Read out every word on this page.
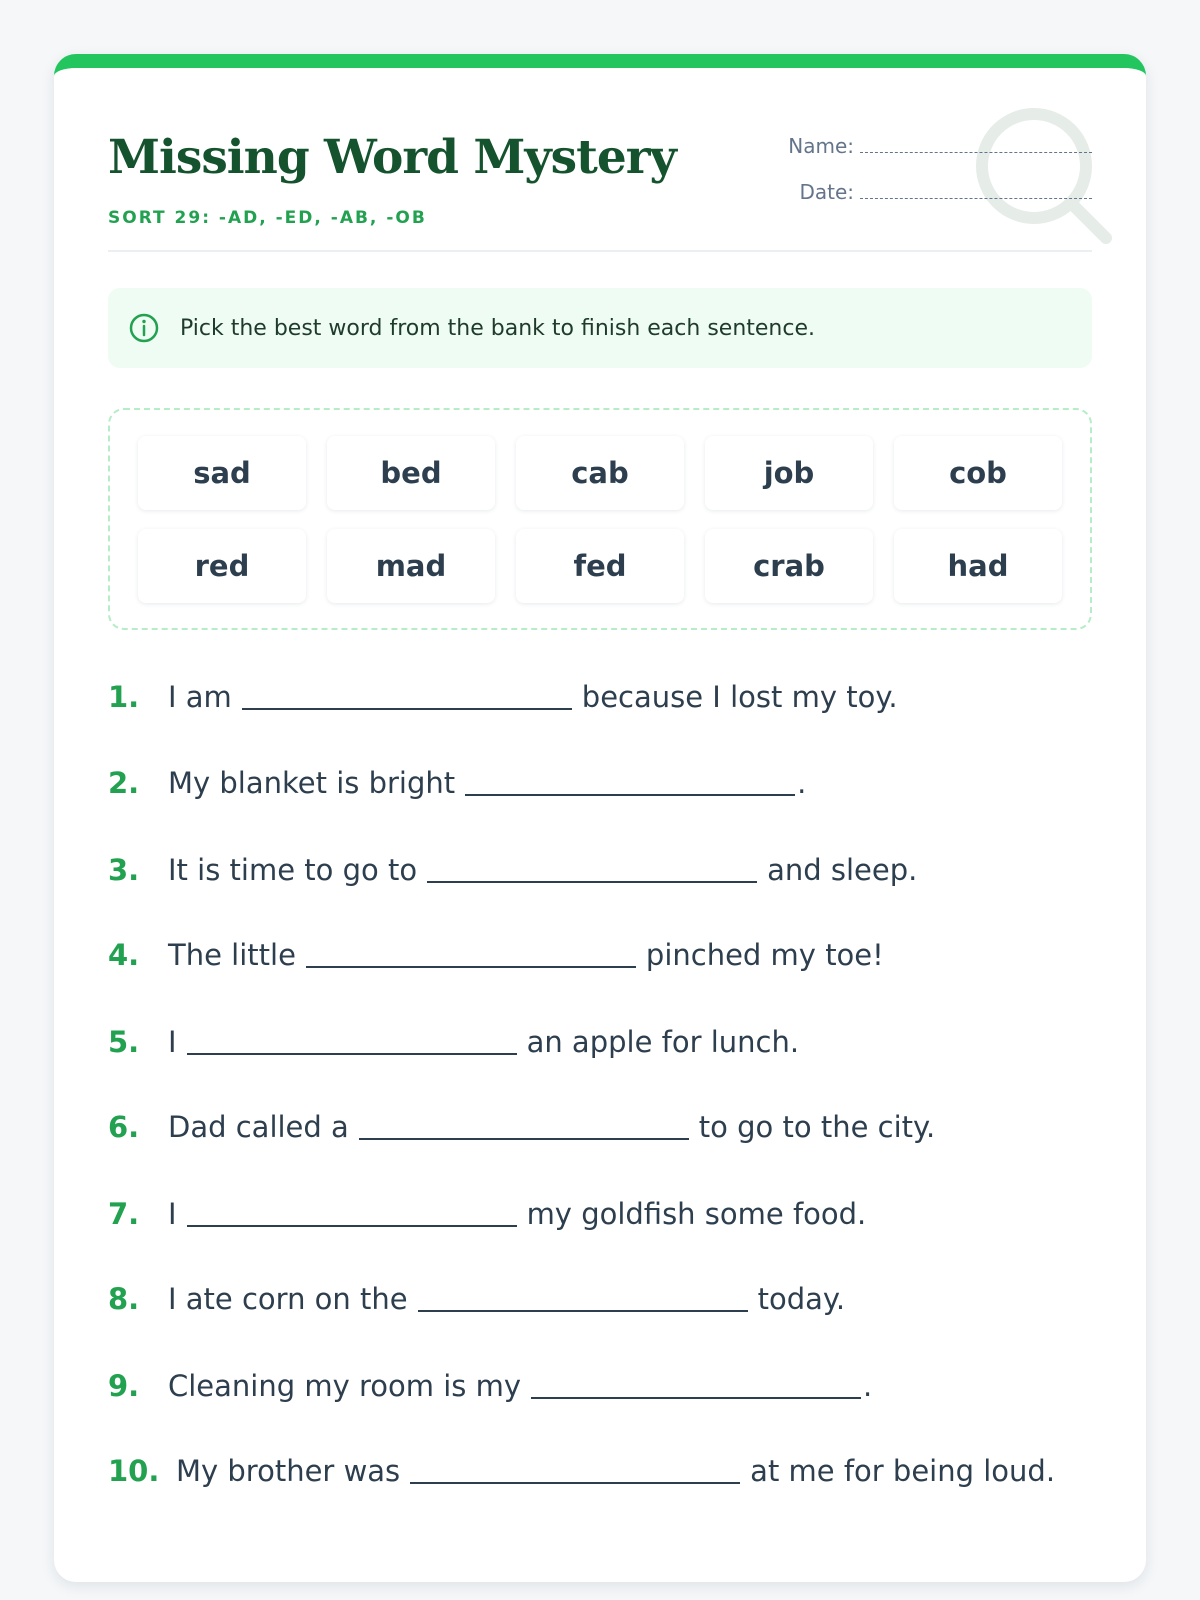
Missing Word Mystery
SORT 29: -AD, -ED, -AB, -OB
Name:
Date:
Pick the best word from the bank to finish each sentence.
sad	bed	cab	job	cob
red	mad	fed	crab	had
1. I am	because I lost my toy.
2. My blanket is bright	.
3. It is time to go to	and sleep.
4. The little	pinched my toe!
5. I	an apple for lunch.
6. Dad called a	to go to the city.
7. I	my goldfish some food.
8. I ate corn on the	today.
9. Cleaning my room is my	.
10. My brother was	at me for being loud.
